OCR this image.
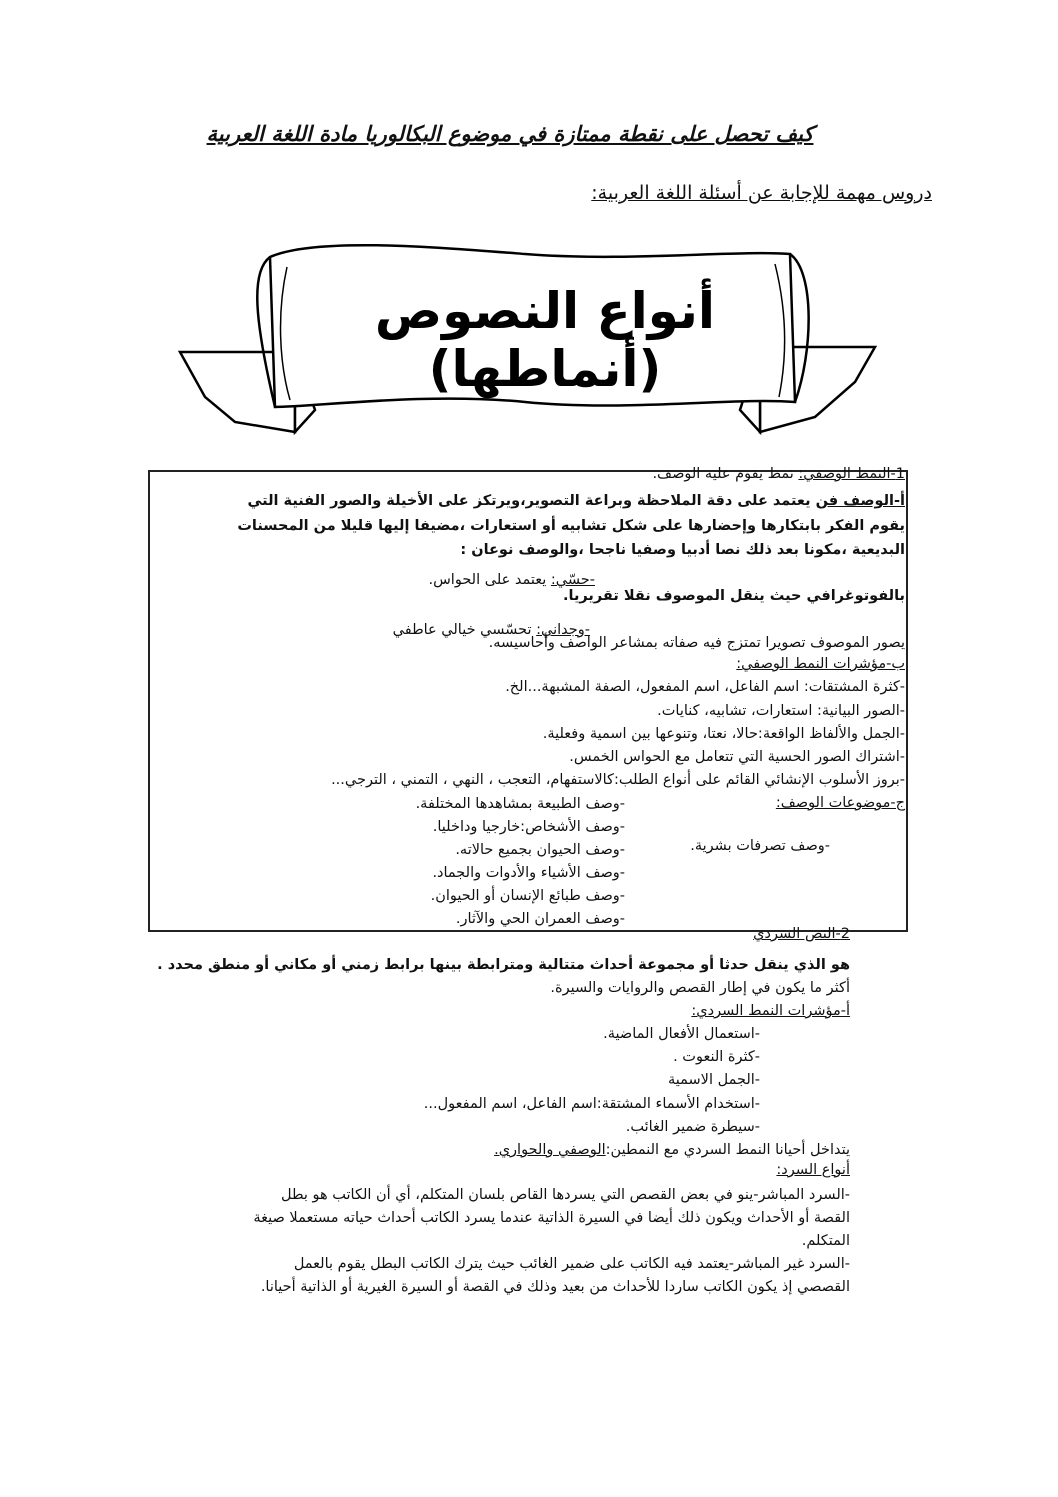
كيف تحصل على نقطة ممتازة في موضوع البكالوريا مادة اللغة العربية
دروس مهمة للإجابة عن أسئلة اللغة العربية:
أنواع النصوص (أنماطها)
1-النمط الوصفي: نمط يقوم عليه الوصف.
أ-الوصف فن يعتمد على دقة الملاحظة وبراعة التصوير،ويرتكز على الأخيلة والصور الفنية التي
يقوم الفكر بابتكارها وإحضارها على شكل تشابيه أو استعارات ،مضيفا إليها قليلا من المحسنات
البديعية ،مكونا بعد ذلك نصا أدبيا وصفيا ناجحا ،والوصف نوعان :
-حسّي: يعتمد على الحواس.
بالفوتوغرافي حيث ينقل الموصوف نقلا تقريريا.
-وجداني: تحسّسي خيالي عاطفي
يصور الموصوف تصويرا تمتزج فيه صفاته بمشاعر الواصف وأحاسيسه.
ب-مؤشرات النمط الوصفي:
-كثرة المشتقات: اسم الفاعل، اسم المفعول، الصفة المشبهة...الخ.
-الصور البيانية: استعارات، تشابيه، كنايات.
-الجمل والألفاظ الواقعة:حالا، نعتا، وتنوعها بين اسمية وفعلية.
-اشتراك الصور الحسية التي تتعامل مع الحواس الخمس.
-بروز الأسلوب الإنشائي القائم على أنواع الطلب:كالاستفهام، التعجب ، النهي ، التمني ، الترجي...
ج-موضوعات الوصف:
-وصف الطبيعة بمشاهدها المختلفة.
-وصف الأشخاص:خارجيا وداخليا.
-وصف الحيوان بجميع حالاته.
-وصف الأشياء والأدوات والجماد.
-وصف طبائع الإنسان أو الحيوان.
-وصف العمران الحي والآثار.
-وصف تصرفات بشرية.
2-النص السردي
هو الذي ينقل حدثا أو مجموعة أحداث متتالية ومترابطة بينها برابط زمني أو مكاني أو منطق محدد .
أكثر ما يكون في إطار القصص والروايات والسيرة.
أ-مؤشرات النمط السردي:
-استعمال الأفعال الماضية.
-كثرة النعوت .
-الجمل الاسمية
-استخدام الأسماء المشتقة:اسم الفاعل، اسم المفعول...
-سيطرة ضمير الغائب.
يتداخل أحيانا النمط السردي مع النمطين:الوصفي والحواري.
أنواع السرد:
-السرد المباشر-ينو في بعض القصص التي يسردها القاص بلسان المتكلم، أي أن الكاتب هو بطل
القصة أو الأحداث ويكون ذلك أيضا في السيرة الذاتية عندما يسرد الكاتب أحداث حياته مستعملا صيغة
المتكلم.
-السرد غير المباشر-يعتمد فيه الكاتب على ضمير الغائب حيث يترك الكاتب البطل يقوم بالعمل
القصصي إذ يكون الكاتب ساردا للأحداث من بعيد وذلك في القصة أو السيرة الغيرية أو الذاتية أحيانا.
